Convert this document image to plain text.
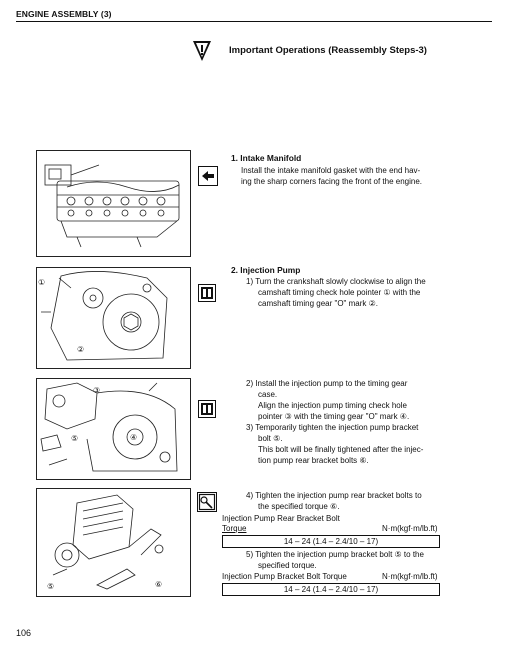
ENGINE ASSEMBLY (3)
Important Operations (Reassembly Steps-3)
1. Intake Manifold
Install the intake manifold gasket with the end hav-
ing the sharp corners facing the front of the engine.
①
②
2. Injection Pump
1) Turn the crankshaft slowly clockwise to align the
camshaft timing check hole pointer ① with the
camshaft timing gear "O" mark ②.
③
④
⑤
2) Install the injection pump to the timing gear
case.
Align the injection pump timing check hole
pointer ③ with the timing gear "O" mark ④.
3) Temporarily tighten the injection pump bracket
bolt ⑤.
This bolt will be finally tightened after the injec-
tion pump rear bracket bolts ⑥.
⑤	⑥
4) Tighten the injection pump rear bracket bolts to
the specified torque ⑥.
Injection Pump Rear Bracket Bolt
Torque	N·m(kgf·m/lb.ft)
14 – 24 (1.4 – 2.4/10 – 17)
5) Tighten the injection pump bracket bolt ⑤ to the
specified torque.
Injection Pump Bracket Bolt Torque	N·m(kgf·m/lb.ft)
14 – 24 (1.4 – 2.4/10 – 17)
106
